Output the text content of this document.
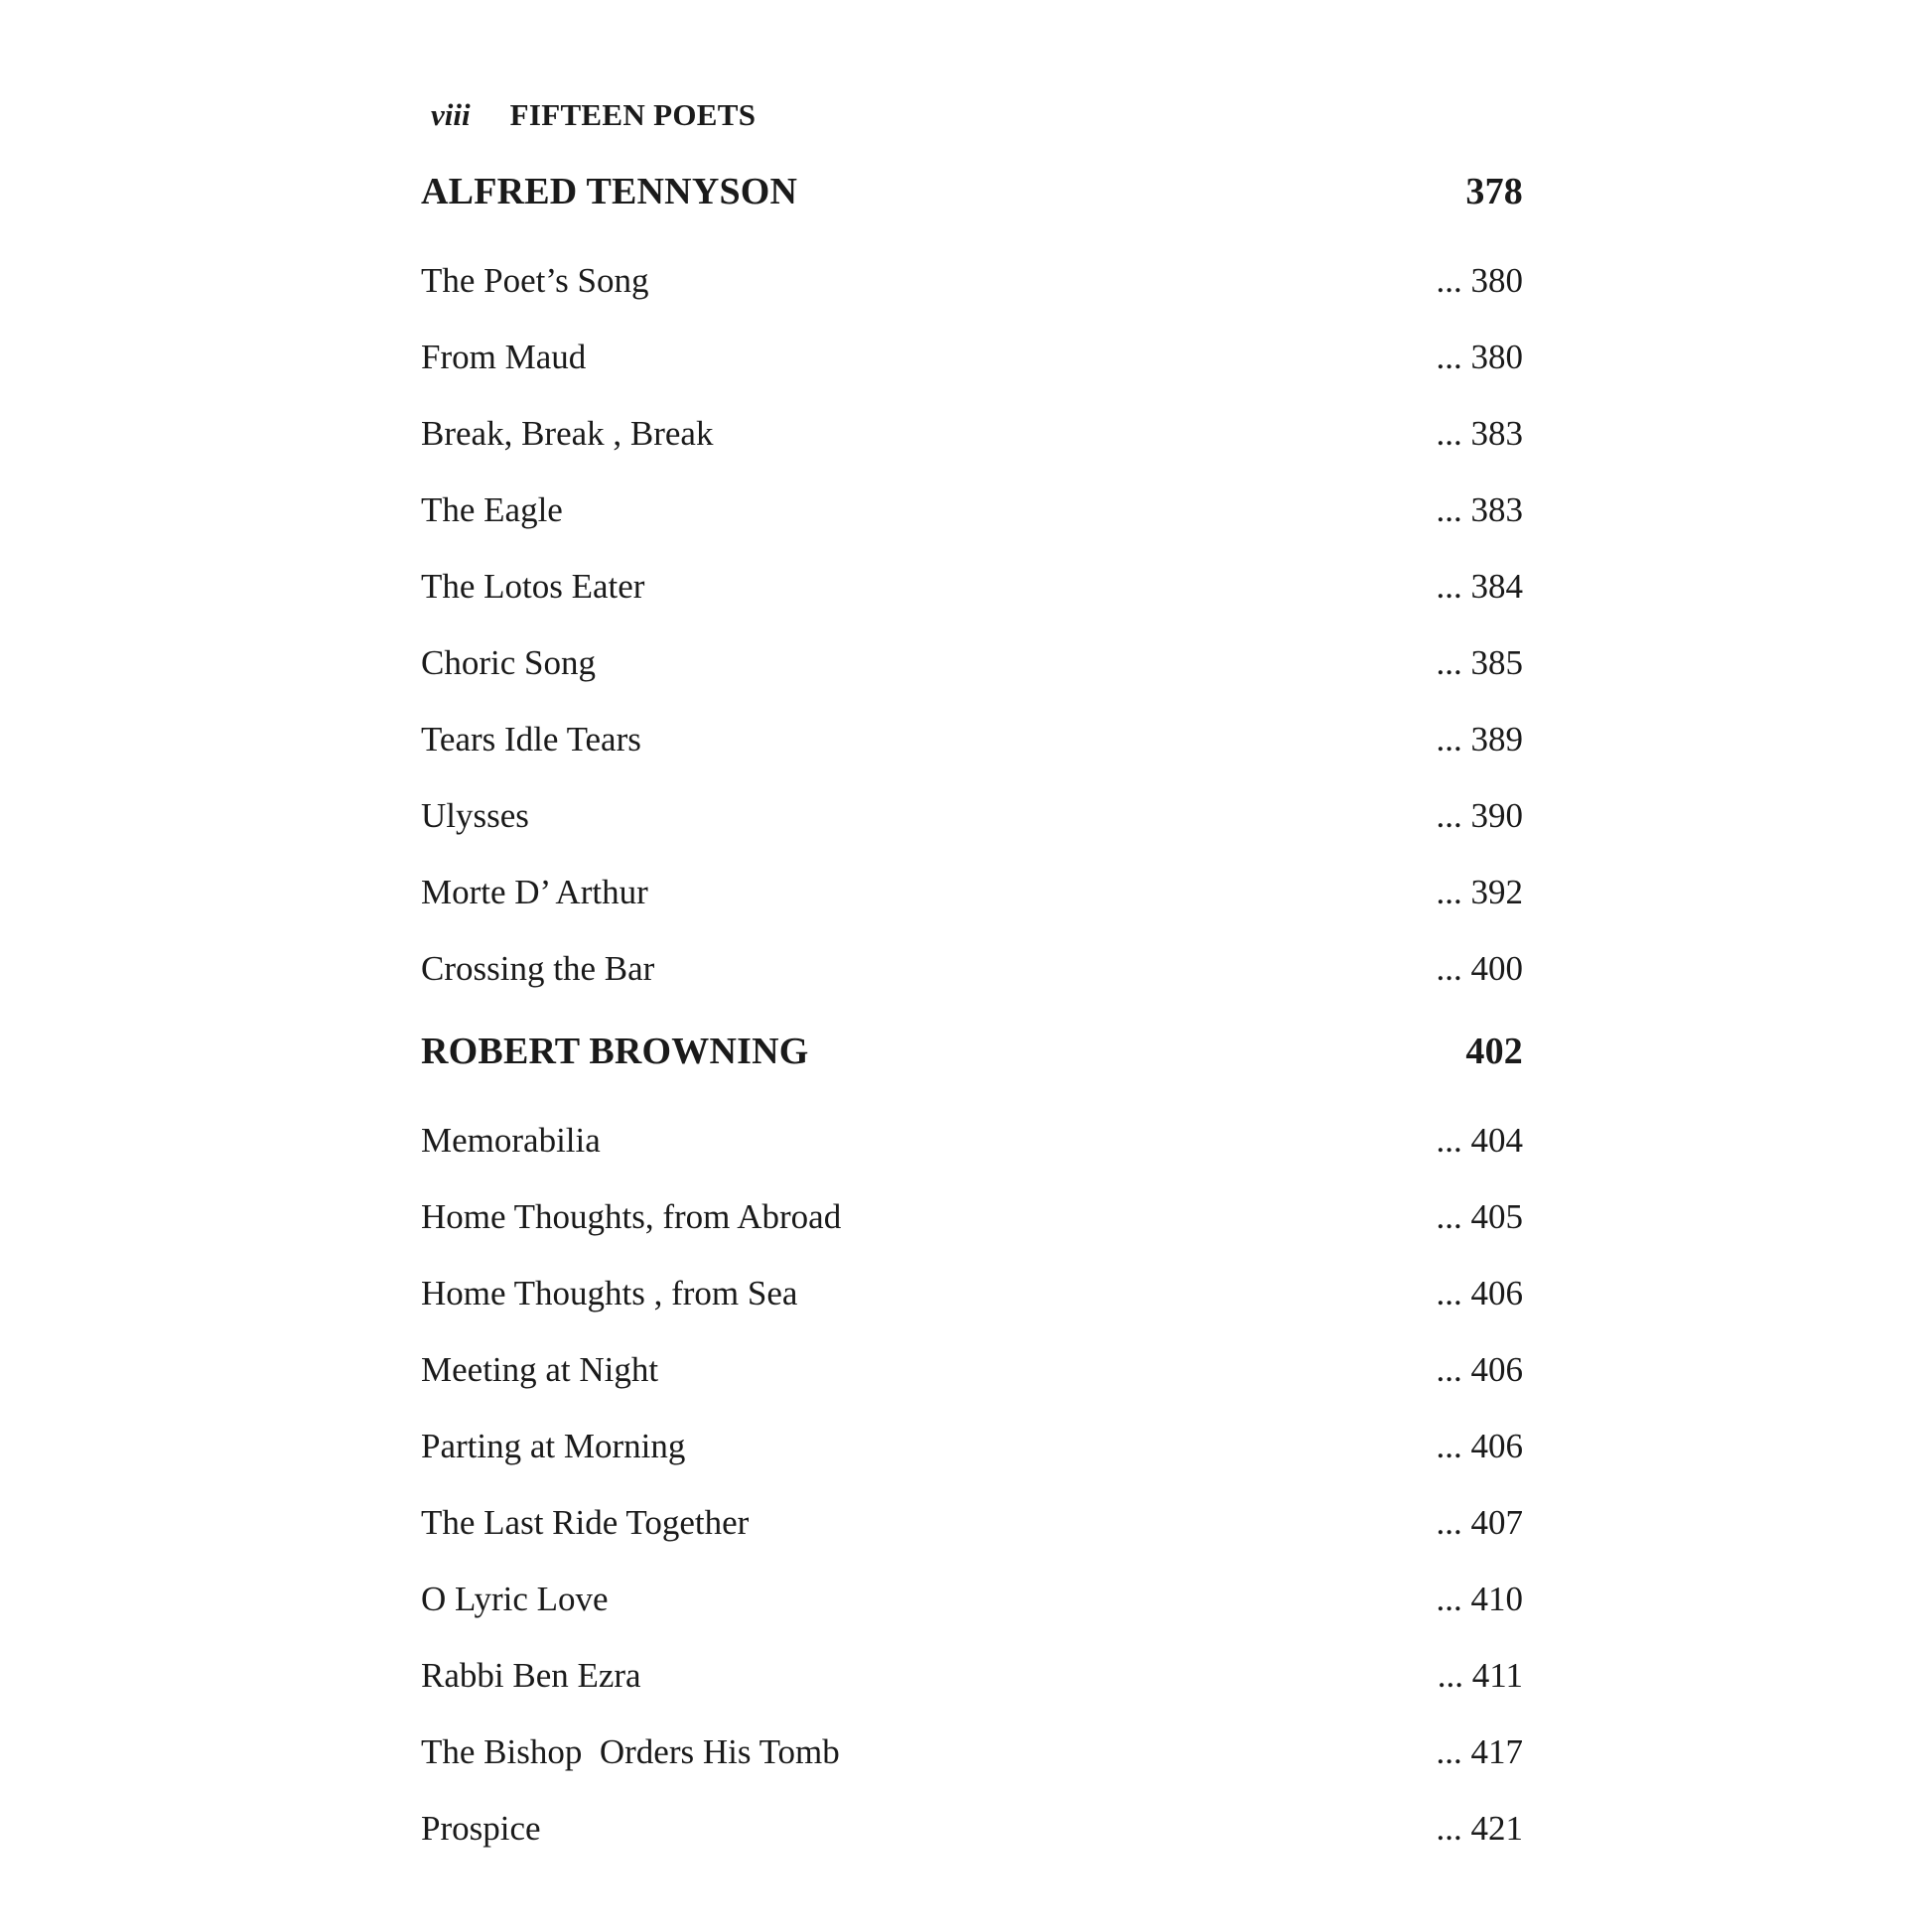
viii FIFTEEN POETS
ALFRED TENNYSON	378
The Poet’s Song	... 380
From Maud	... 380
Break, Break , Break	... 383
The Eagle	... 383
The Lotos Eater	... 384
Choric Song	... 385
Tears Idle Tears	... 389
Ulysses	... 390
Morte D’ Arthur	... 392
Crossing the Bar	... 400
ROBERT BROWNING	402
Memorabilia	... 404
Home Thoughts, from Abroad	... 405
Home Thoughts , from Sea	... 406
Meeting at Night	... 406
Parting at Morning	... 406
The Last Ride Together	... 407
O Lyric Love	... 410
Rabbi Ben Ezra	... 411
The Bishop  Orders His Tomb	... 417
Prospice	... 421
